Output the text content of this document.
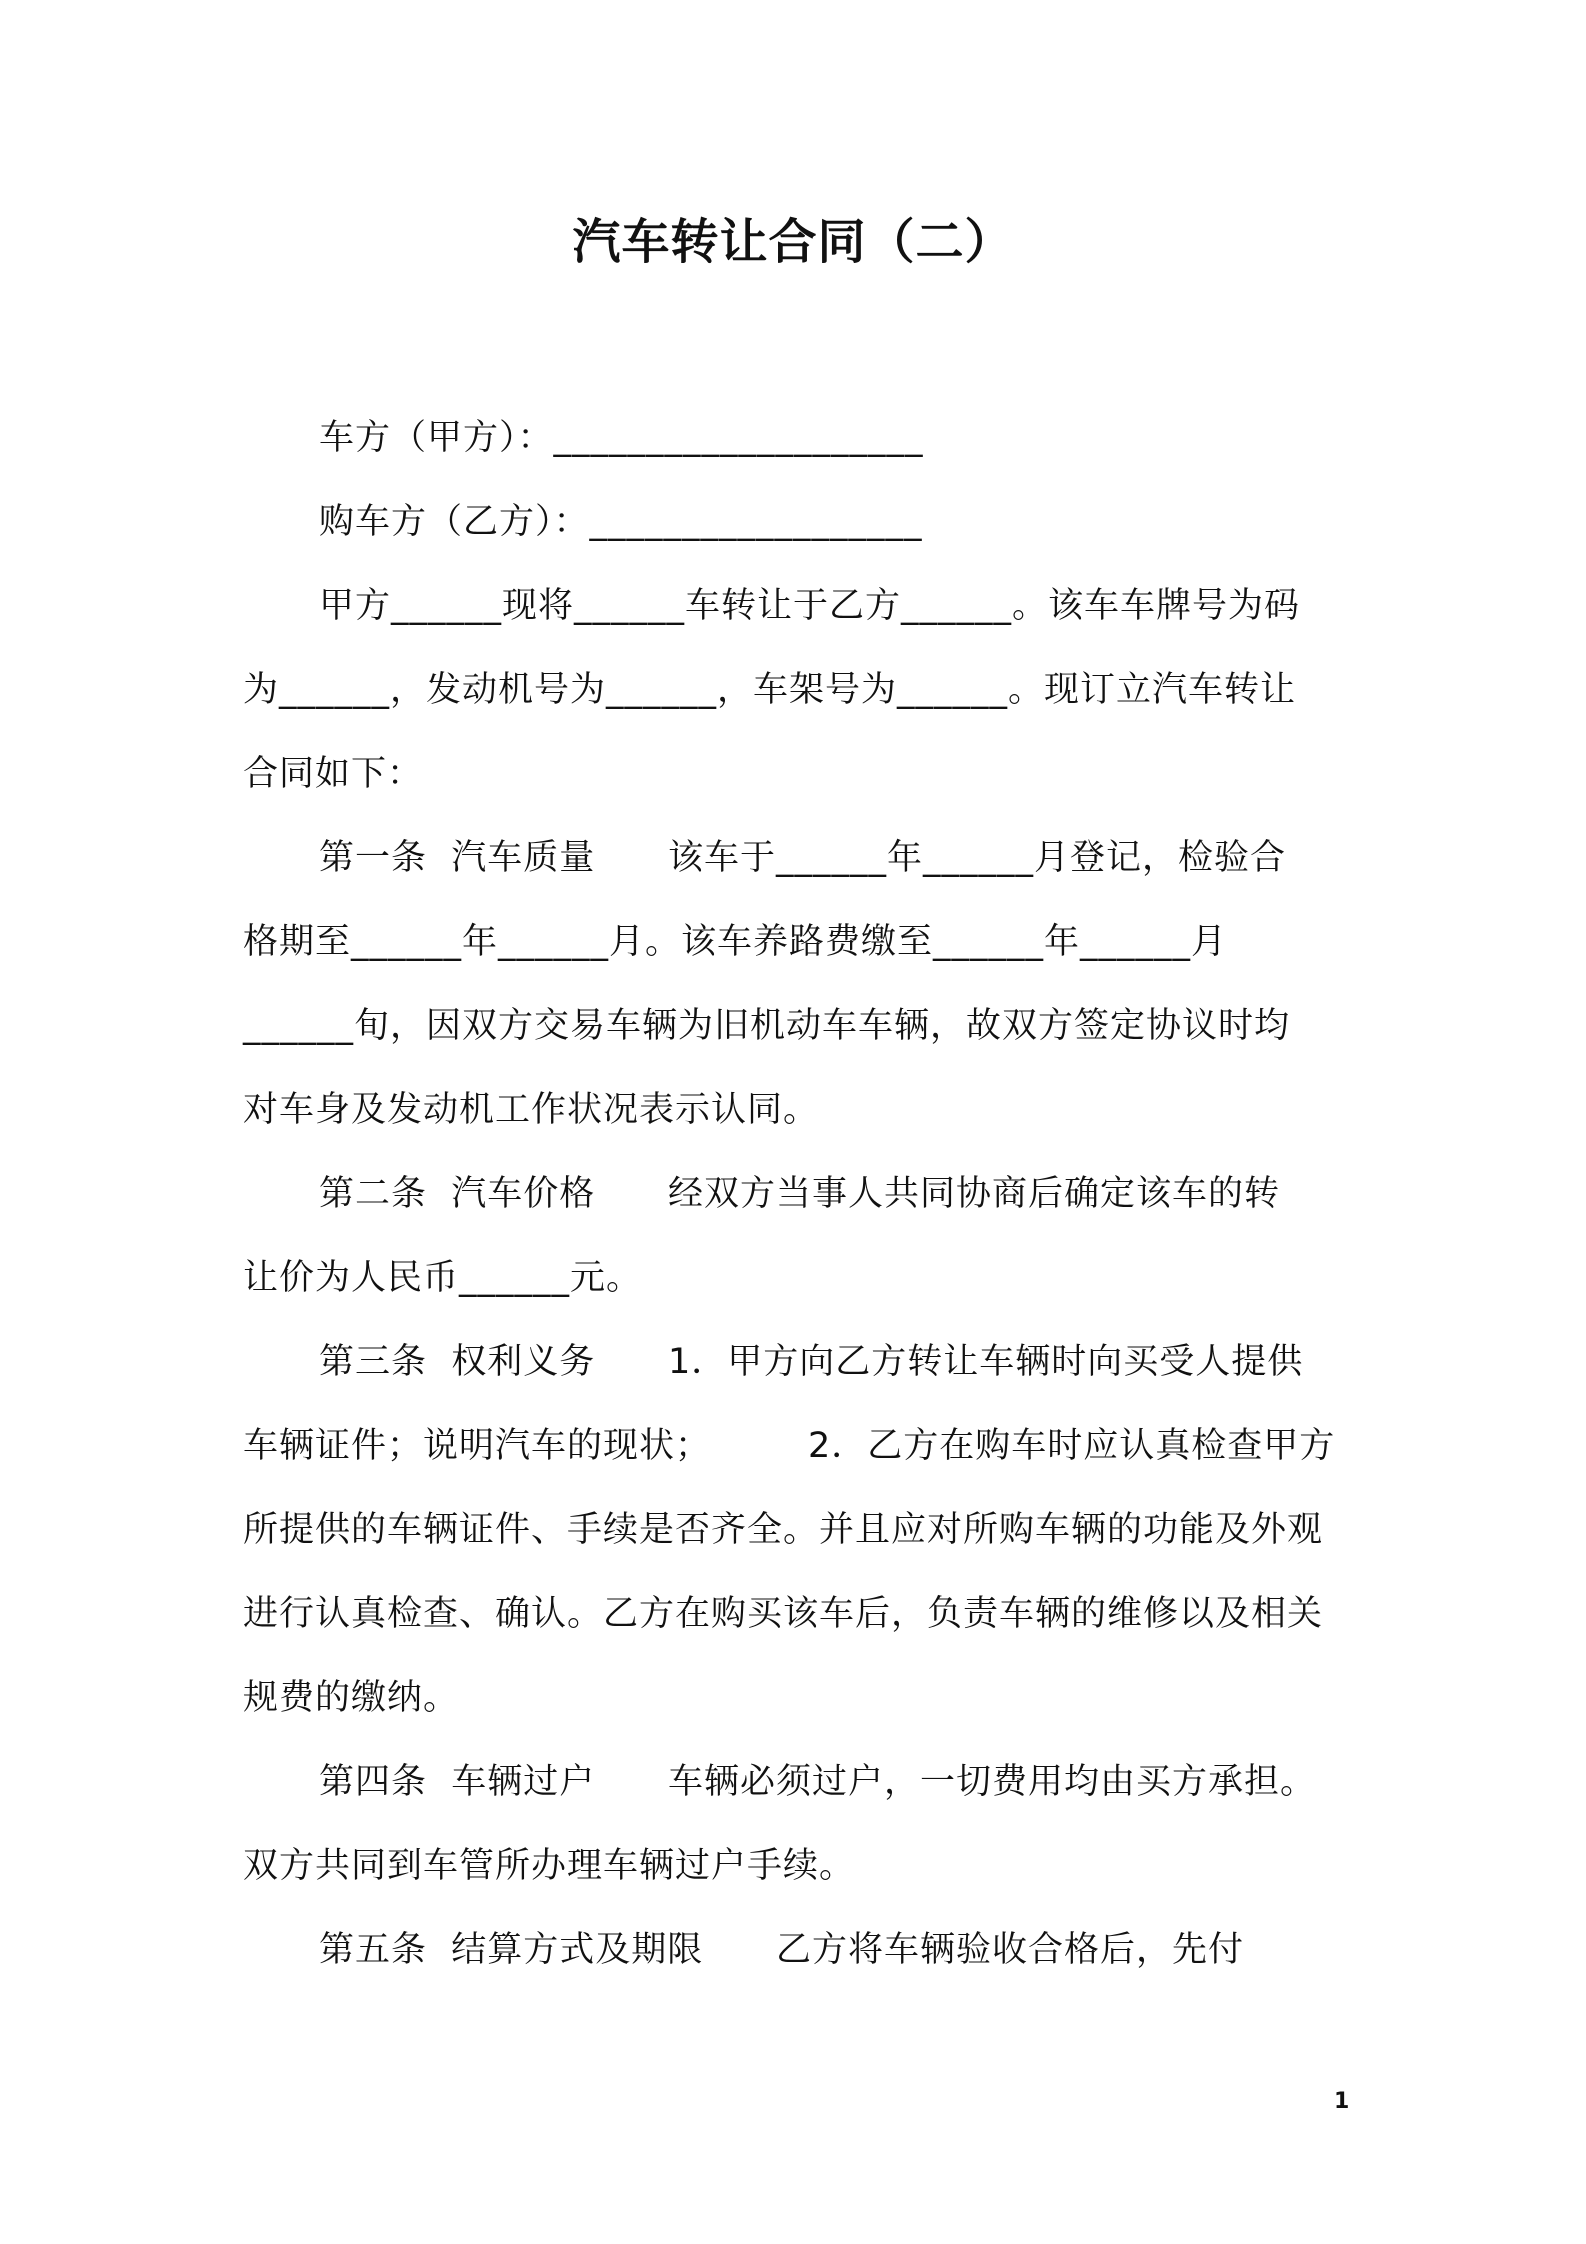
汽车转让合同（二）
车方（甲方）：____________________
购车方（乙方）：__________________
甲方______现将______车转让于乙方______。该车车牌号为码
为______，发动机号为______，车架号为______。现订立汽车转让
合同如下：
第一条  汽车质量      该车于______年______月登记，检验合
格期至______年______月。该车养路费缴至______年______月
______旬，因双方交易车辆为旧机动车车辆，故双方签定协议时均
对车身及发动机工作状况表示认同。
第二条  汽车价格      经双方当事人共同协商后确定该车的转
让价为人民币______元。
第三条  权利义务      1．甲方向乙方转让车辆时向买受人提供
车辆证件；说明汽车的现状；        2．乙方在购车时应认真检查甲方
所提供的车辆证件、手续是否齐全。并且应对所购车辆的功能及外观
进行认真检查、确认。乙方在购买该车后，负责车辆的维修以及相关
规费的缴纳。
第四条  车辆过户      车辆必须过户，一切费用均由买方承担。
双方共同到车管所办理车辆过户手续。
第五条  结算方式及期限      乙方将车辆验收合格后，先付
1
